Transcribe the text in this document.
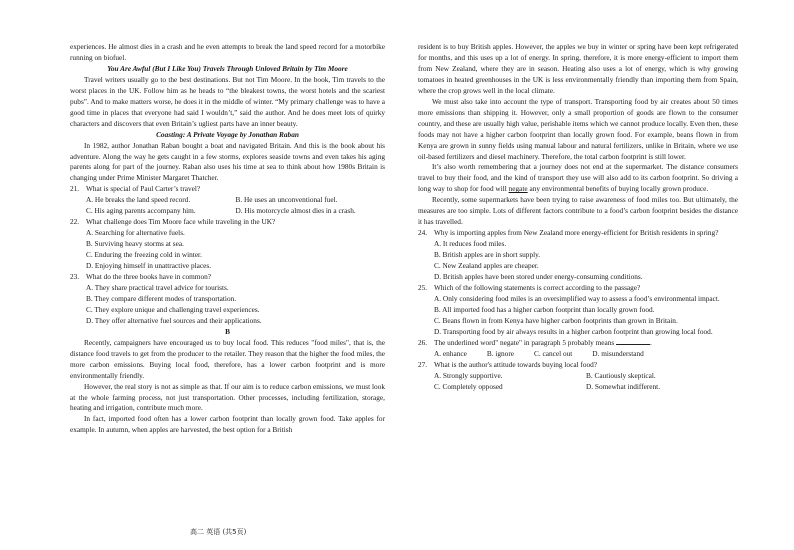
experiences. He almost dies in a crash and he even attempts to break the land speed record for a motorbike running on biofuel.

You Are Awful (But I Like You) Travels Through Unloved Britain by Tim Moore

Travel writers usually go to the best destinations. But not Tim Moore. In the book, Tim travels to the worst places in the UK. Follow him as he heads to “the bleakest towns, the worst hotels and the scariest pubs”. And to make matters worse, he does it in the middle of winter. “My primary challenge was to have a good time in places that everyone had said I wouldn’t,” said the author. And he does meet lots of quirky characters and discovers that even Britain’s ugliest parts have an inner beauty.

Coasting: A Private Voyage by Jonathan Raban

In 1982, author Jonathan Raban bought a boat and navigated Britain. And this is the book about his adventure. Along the way he gets caught in a few storms, explores seaside towns and even takes his aging parents along for part of the journey. Raban also uses his time at sea to think about how 1980s Britain is changing under Prime Minister Margaret Thatcher.

21. What is special of Paul Carter’s travel?

A. He breaks the land speed record.	B. He uses an unconventional fuel.
C. His aging parents accompany him.	D. His motorcycle almost dies in a crash.

22. What challenge does Tim Moore face while traveling in the UK?

A. Searching for alternative fuels.

B. Surviving heavy storms at sea.

C. Enduring the freezing cold in winter.

D. Enjoying himself in unattractive places.

23. What do the three books have in common?

A. They share practical travel advice for tourists.

B. They compare different modes of transportation.

C. They explore unique and challenging travel experiences.

D. They offer alternative fuel sources and their applications.

B

Recently, campaigners have encouraged us to buy local food. This reduces "food miles", that is, the distance food travels to get from the producer to the retailer. They reason that the higher the food miles, the more carbon emissions. Buying local food, therefore, has a lower carbon footprint and is more environmentally friendly.

However, the real story is not as simple as that. If our aim is to reduce carbon emissions, we must look at the whole farming process, not just transportation. Other processes, including fertilization, storage, heating and irrigation, contribute much more.

In fact, imported food often has a lower carbon footprint than locally grown food. Take apples for example. In autumn, when apples are harvested, the best option for a British

resident is to buy British apples. However, the apples we buy in winter or spring have been kept refrigerated for months, and this uses up a lot of energy. In spring, therefore, it is more energy-efficient to import them from New Zealand, where they are in season. Heating also uses a lot of energy, which is why growing tomatoes in heated greenhouses in the UK is less environmentally friendly than importing them from Spain, where the crop grows well in the local climate.

We must also take into account the type of transport. Transporting food by air creates about 50 times more emissions than shipping it. However, only a small proportion of goods are flown to the consumer country, and these are usually high value, perishable items which we cannot produce locally. Even then, these foods may not have a higher carbon footprint than locally grown food. For example, beans flown in from Kenya are grown in sunny fields using manual labour and natural fertilizers, unlike in Britain, where we use oil-based fertilizers and diesel machinery. Therefore, the total carbon footprint is still lower.

It’s also worth remembering that a journey does not end at the supermarket. The distance consumers travel to buy their food, and the kind of transport they use will also add to its carbon footprint. So driving a long way to shop for food will negate any environmental benefits of buying locally grown produce.

Recently, some supermarkets have been trying to raise awareness of food miles too. But ultimately, the measures are too simple. Lots of different factors contribute to a food’s carbon footprint besides the distance it has travelled.

24. Why is importing apples from New Zealand more energy-efficient for British residents in spring?

A. It reduces food miles.

B. British apples are in short supply.

C. New Zealand apples are cheaper.

D. British apples have been stored under energy-consuming conditions.

25. Which of the following statements is correct according to the passage?

A. Only considering food miles is an oversimplified way to assess a food’s environmental impact.

B. All imported food has a higher carbon footprint than locally grown food.

C. Beans flown in from Kenya have higher carbon footprints than grown in Britain.

D. Transporting food by air always results in a higher carbon footprint than growing local food.

26. The underlined word" negate" in paragraph 5 probably means	.

A. enhance	B. ignore	C. cancel out	D. misunderstand

27. What is the author's attitude towards buying local food?

A. Strongly supportive.	B. Cautiously skeptical.
C. Completely opposed	D. Somewhat indifferent.
高二 英语 (共5页)
